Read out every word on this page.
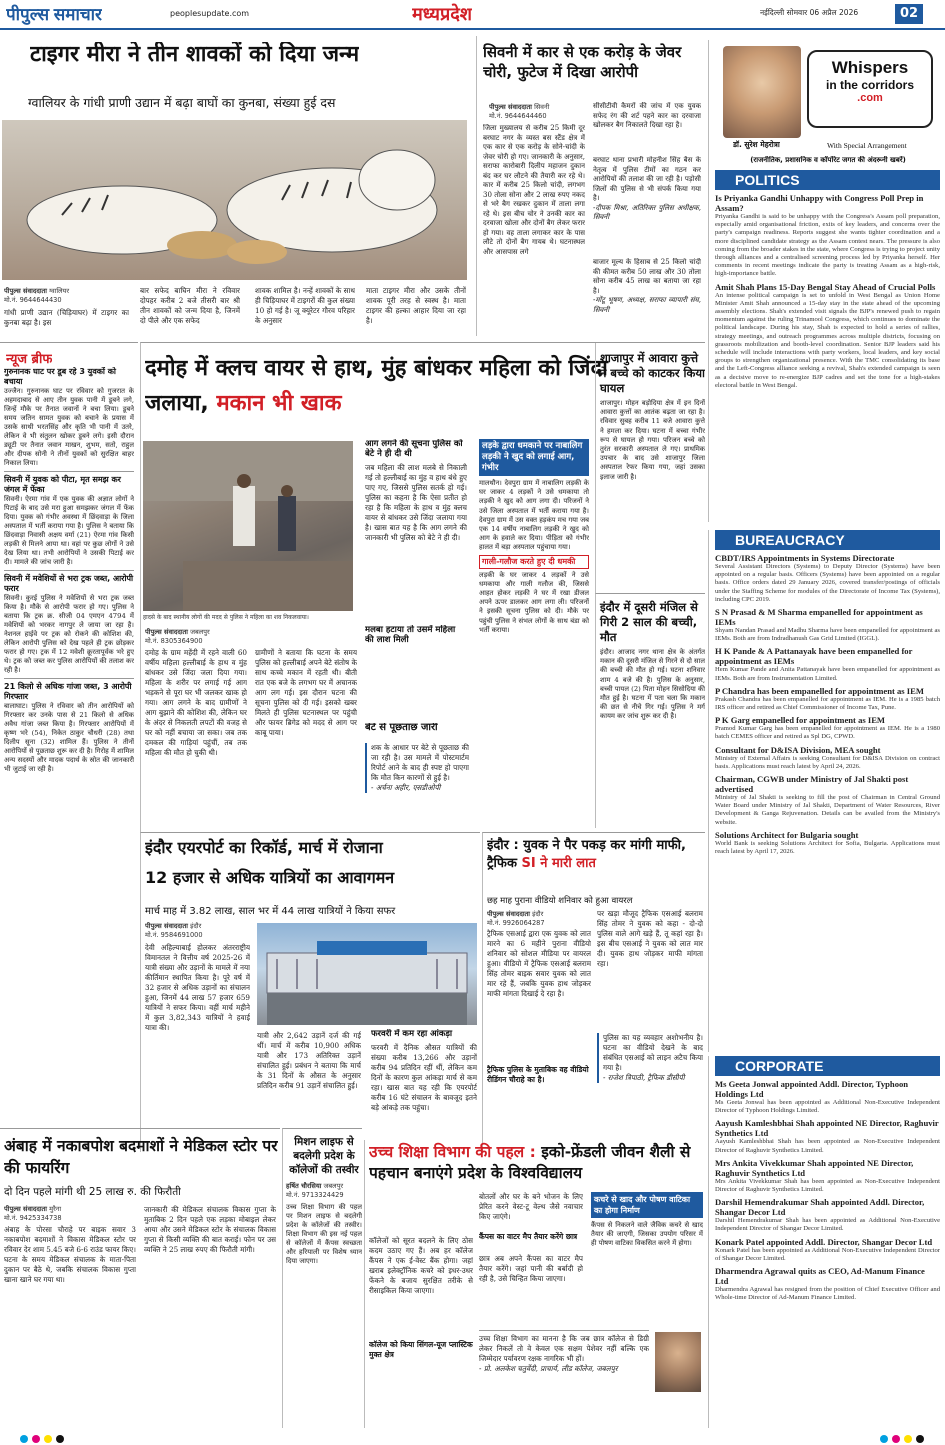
पीपुल्स समाचार	peoplesupdate.com	मध्यप्रदेश	नईदिल्ली सोमवार 06 अप्रैल 2026	02
टाइगर मीरा ने तीन शावकों को दिया जन्म
ग्वालियर के गांधी प्राणी उद्यान में बढ़ा बाघों का कुनबा, संख्या हुई दस
पीपुल्स संवाददाता ग्वालियर
मो.नं. 9644644430
गांधी प्राणी उद्यान (चिड़ियाघर) में टाइगर का कुनबा बढ़ा है। इस
बार सफेद बाघिन मीरा ने रविवार दोपहर करीब 2 बजे तीसरी बार श्री तीन शावकों को जन्म दिया है, जिनमें दो पीले और एक सफेद
शावक शामिल है। नन्हें शावकों के साथ ही चिड़ियाघर में टाइगरों की कुल संख्या 10 हो गई है। जू क्यूरेटर गौरव परिहार के अनुसार
माता टाइगर मीरा और उसके तीनों शावक पूरी तरह से स्वस्थ है। माता टाइगर की हल्का आहार दिया जा रहा है।
सिवनी में कार से एक करोड़ के जेवर चोरी, फुटेज में दिखा आरोपी
पीपुल्स संवाददाता सिवनी
मो.नं. 9644644460
जिला मुख्यालय से करीब 25 किमी दूर बरघाट नगर के व्यस्त बस स्टैंड क्षेत्र में एक कार से एक करोड़ के सोने-चांदी के जेवर चोरी हो गए। जानकारी के अनुसार, सराफा कारोबारी दिलीप महाजन दुकान बंद कर घर लौटने की तैयारी कर रहे थे। कार में करीब 25 किलो चांदी, लगभग 30 तोला सोना और 2 लाख रुपए नकद से भरे बैग रखकर दुकान में ताला लगा रहे थे। इस बीच चोर ने उनकी कार का दरवाजा खोला और दोनों बैग लेकर फरार हो गया। वह ताला लगाकर कार के पास लौटे तो दोनों बैग गायब थे। घटनास्थल और आसपास लगे
सीसीटीवी कैमरों की जांच में एक युवक सफेद रंग की शर्ट पहने कार का दरवाजा खोलकर बैग निकालते दिखा रहा है।
बरघाट थाना प्रभारी मोहनीश सिंह बैस के नेतृत्व में पुलिस टीमों का गठन कर आरोपियों की तलाश की जा रही है। पड़ोसी जिलों की पुलिस से भी संपर्क किया गया है।
-दीपक मिश्रा, अतिरिक्त पुलिस अधीक्षक, सिवनी
बाजार मूल्य के हिसाब से 25 किलो चांदी की कीमत करीब 50 लाख और 30 तोला सोना करीब 45 लाख का बताया जा रहा है।
-मोंटू भूषण, अध्यक्ष, सराफा व्यापारी संघ, सिवनी
Whispers
in the corridors
.com
डॉ. सुरेश मेहरोत्रा	With Special Arrangement
(राजनीतिक, प्रशासनिक व कॉर्पोरेट जगत की अंदरूनी खबरें)
POLITICS
Is Priyanka Gandhi Unhappy with Congress Poll Prep in Assam?
Priyanka Gandhi is said to be unhappy with the Congress's Assam poll preparation, especially amid organisational friction, exits of key leaders, and concerns over the party's campaign readiness. Reports suggest she wants tighter coordination and a more disciplined candidate strategy as the Assam contest nears. The pressure is also coming from the broader stakes in the state, where Congress is trying to project unity through alliances and a centralised screening process led by Priyanka herself. Her comments in recent meetings indicate the party is treating Assam as a high-risk, high-importance battle.
Amit Shah Plans 15-Day Bengal Stay Ahead of Crucial Polls
An intense political campaign is set to unfold in West Bengal as Union Home Minister Amit Shah announced a 15-day stay in the state ahead of the upcoming assembly elections. Shah's extended visit signals the BJP's renewed push to regain momentum against the ruling Trinamool Congress, which continues to dominate the political landscape. During his stay, Shah is expected to hold a series of rallies, strategy meetings, and outreach programmes across multiple districts, focusing on grassroots mobilization and booth-level coordination. Senior BJP leaders said his schedule will include interactions with party workers, local leaders, and key social groups to strengthen organizational presence. With the TMC consolidating its base and the Left-Congress alliance seeking a revival, Shah's extended campaign is seen as a decisive move to re-energize BJP cadres and set the tone for a high-stakes electoral battle in West Bengal.
BUREAUCRACY
CBDT/IRS Appointments in Systems Directorate
Several Assistant Directors (Systems) to Deputy Director (Systems) have been appointed on a regular basis. Officers (Systems) have been appointed on a regular basis. Office orders dated 29 January 2026, covered transfer/postings of officials under the Staffing Scheme for modules of the Directorate of Income Tax (Systems), including CPC 2019.
S N Prasad & M Sharma empanelled for appointment as IEMs
Shyam Nandan Prasad and Madhu Sharma have been empanelled for appointment as IEMs. Both are from Indradhanush Gas Grid Limited (IGGL).
H K Pande & A Pattanayak have been empanelled for appointment as IEMs
Hem Kumar Pande and Anita Pattanayak have been empanelled for appointment as IEMs. Both are from Instrumentation Limited.
P Chandra has been empanelled for appointment as IEM
Prakash Chandra has been empanelled for appointment as IEM. He is a 1985 batch IRS officer and retired as Chief Commissioner of Income Tax, Pune.
P K Garg empanelled for appointment as IEM
Pramod Kumar Garg has been empanelled for appointment as IEM. He is a 1980 batch CEMES officer and retired as Spl DG, CPWD.
Consultant for D&ISA Division, MEA sought
Ministry of External Affairs is seeking Consultant for D&ISA Division on contract basis. Applications must reach latest by April 24, 2026.
Chairman, CGWB under Ministry of Jal Shakti post advertised
Ministry of Jal Shakti is seeking to fill the post of Chairman in Central Ground Water Board under Ministry of Jal Shakti, Department of Water Resources, River Development & Ganga Rejuvenation. Details can be availed from the Ministry's website.
Solutions Architect for Bulgaria sought
World Bank is seeking Solutions Architect for Sofia, Bulgaria. Applications must reach latest by April 17, 2026.
CORPORATE
Ms Geeta Jonwal appointed Addl. Director, Typhoon Holdings Ltd
Ms Geeta Jonwal has been appointed as Additional Non-Executive Independent Director of Typhoon Holdings Limited.
Aayush Kamleshbhai Shah appointed NE Director, Raghuvir Synthetics Ltd
Aayush Kamleshbhai Shah has been appointed as Non-Executive Independent Director of Raghuvir Synthetics Limited.
Mrs Ankita Vivekkumar Shah appointed NE Director, Raghuvir Synthetics Ltd
Mrs Ankita Vivekkumar Shah has been appointed as Non-Executive Independent Director of Raghuvir Synthetics Limited.
Darshil Hemendrakumar Shah appointed Addl. Director, Shangar Decor Ltd
Darshil Hemendrakumar Shah has been appointed as Additional Non-Executive Independent Director of Shangar Decor Limited.
Konark Patel appointed Addl. Director, Shangar Decor Ltd
Konark Patel has been appointed as Additional Non-Executive Independent Director of Shangar Decor Limited.
Dharmendra Agrawal quits as CEO, Ad-Manum Finance Ltd
Dharmendra Agrawal has resigned from the position of Chief Executive Officer and Whole-time Director of Ad-Manum Finance Limited.
न्यूज ब्रीफ
गुरुनानक घाट पर डूब रहे 3 युवकों को बचाया
उज्जैन। गुरुनानक घाट पर रविवार को गुजरात के अहमदाबाद से आए तीन युवक पानी में डूबने लगे, जिन्हें मौके पर तैनात जवानों ने बचा लिया। डूबने समय जतिन सामत युवक को बचाने के प्रयास में उसके साथी भरतसिंह और कृति भी पानी में उतरे, लेकिन वे भी संतुलन खोकर डूबने लगे। इसी दौरान ड्यूटी पर तैनात जवान माखन, शुभम, सतो, राहुल और दीपक सोनी ने तीनों युवकों को सुरक्षित बाहर निकाल लिया।
सिवनी में युवक को पीटा, मृत समझ कर जंगल में फेंका
सिवनी। ऐरमा गांव में एक युवक की अज्ञात लोगों ने पिटाई के बाद उसे मरा हुआ समझकर जंगल में फेंक दिया। युवक को गंभीर अवस्था में छिंदवाड़ा के जिला अस्पताल में भर्ती कराया गया है। पुलिस ने बताया कि छिंदवाड़ा निवासी अक्षय वर्मा (21) ऐरमा गांव किसी लड़की से मिलने आया था। वहां पर कुछ लोगों ने उसे देख लिया था। तभी आरोपियों ने उसकी पिटाई कर दी। मामले की जांच जारी है।
सिवनी में मवेशियों से भरा ट्रक जब्त, आरोपी फरार
सिवनी। कुरई पुलिस ने मवेशियों से भरा ट्रक जब्त किया है। मौके से आरोपी फरार हो गए। पुलिस ने बताया कि ट्रक क्र. सीजी 04 एमएन 4794 में मवेशियों को भरकर नागपुर ले जाया जा रहा है। नेशनल हाईवे पर ट्रक को रोकने की कोशिश की, लेकिन आरोपी पुलिस को देख पहले ही ट्रक छोड़कर फरार हो गए। ट्रक में 12 मवेशी क्रूरतापूर्वक भरे हुए थे। ट्रक को जब्त कर पुलिस आरोपियों की तलाश कर रही है।
21 किलो से अधिक गांजा जब्त, 3 आरोपी गिरफ्तार
बालाघाट। पुलिस ने रविवार को तीन आरोपियों को गिरफ्तार कर उनके पास से 21 किलो से अधिक अवैध गांजा जब्त किया है। गिरफ्तार आरोपियों में कृष्ण भरे (54), निकेत ठाकुर चौधरी (28) तथा दिलीप सूना (32) शामिल हैं। पुलिस ने तीनों आरोपियों से पूछताछ शुरू कर दी है। गिरोह में शामिल अन्य सदस्यों और मादक पदार्थ के स्रोत की जानकारी भी जुटाई जा रही है।
दमोह में क्लच वायर से हाथ, मुंह बांधकर महिला को जिंदा जलाया, मकान भी खाक
हादसे के बाद स्थानीय लोगों की मदद से पुलिस ने महिला का शव निकलवाया।
पीपुल्स संवाददाता जबलपुर
मो.नं. 8305364900
दमोह के ग्राम महेंदी में रहने वाली 60 वर्षीय महिला हल्लीबाई के हाथ व मुंह बांधकर उसे जिंदा जला दिया गया। महिला के शरीर पर लगाई गई आग भड़कने से पूरा घर भी जलकर खाक हो गया। आग लगने के बाद ग्रामीणों ने आग बुझाने की कोशिश की, लेकिन घर के अंदर से निकलती लपटों की वजह से घर को नहीं बचाया जा सका। जब तक दमकल की गाड़ियां पहुंचीं, तब तक महिला की मौत हो चुकी थी।
आग लगने की सूचना पुलिस को बेटे ने ही दी थी
जब महिला की लाश मलबे से निकाली गई तो हल्लीबाई का मुंह व हाथ बंधे हुए पाए गए, जिससे पुलिस सतर्क हो गई। पुलिस का कहना है कि ऐसा प्रतीत हो रहा है कि महिला के हाथ व मुंह क्लच वायर से बांधकर उसे जिंदा जलाया गया है। खास बात यह है कि आग लगने की जानकारी भी पुलिस को बेटे ने ही दी।
मलबा हटाया तो उसमें महिला की लाश मिली
ग्रामीणों ने बताया कि घटना के समय पुलिस को हल्लीबाई अपने बेटे संतोष के साथ कच्चे मकान में रहती थी। बीती रात एक बजे के लगभग घर में अचानक आग लग गई। इस दौरान घटना की सूचना पुलिस को दी गई। इसको खबर मिलते ही पुलिस घटनास्थल पर पहुंची और फायर ब्रिगेड को मदद से आग पर काबू पाया।	बेटे से पूछताछ जारी
शक के आधार पर बेटे से पूछताछ की जा रही है। उस मामले में पोस्टमार्टम रिपोर्ट आने के बाद ही स्पष्ट हो पाएगा कि मौत किन कारणों से हुई है।
- अर्चना अहीर, एसडीओपी
लड़के द्वारा धमकाने पर नाबालिग लड़की ने खुद को लगाई आग, गंभीर
मालथौन। देवपुरा ग्राम में नाबालिग लड़की के घर जाकर 4 लड़कों ने उसे धमकाया तो लड़की ने खुद को आग लगा दी। परिजनों ने उसे जिला अस्पताल में भर्ती कराया गया है। देवपुरा ग्राम में उस वक्त हड़कंप मच गया जब एक 14 वर्षीय नाबालिग लड़की ने खुद को आग के हवाले कर दिया। पीड़िता को गंभीर हालत में बड़ा अस्पताल पहुंचाया गया।
गाली-गलौज करते हुए दी धमकी
लड़की के घर जाकर 4 लड़कों ने उसे धमकाया और गाली गलौज की, जिससे आहत होकर लड़की ने घर में रखा डीजल अपने ऊपर डालकर आग लगा ली। परिजनों ने इसकी सूचना पुलिस को दी। मौके पर पहुंची पुलिस ने संभल लोगों के साथ बंडा को भर्ती कराया।
शाजापुर में आवारा कुत्ते ने बच्चे को काटकर किया घायल
शाजापुर। मोहन बड़ोदिया क्षेत्र में इन दिनों आवारा कुत्तों का आतंक बढ़ता जा रहा है। रविवार सुबह करीब 11 बजे आवारा कुत्ते ने हमला कर दिया। घटना में बच्चा गंभीर रूप से घायल हो गया। परिजन बच्चे को तुरंत सरकारी अस्पताल ले गए। प्राथमिक उपचार के बाद उसे शाजापुर जिला अस्पताल रेफर किया गया, जहां उसका इलाज जारी है।
इंदौर में दूसरी मंजिल से गिरी 2 साल की बच्ची, मौत
इंदौर। आजाद नगर थाना क्षेत्र के अंतर्गत मकान की दूसरी मंजिल से गिरने से दो साल की बच्ची की मौत हो गई। घटना शनिवार शाम 4 बजे की है। पुलिस के अनुसार, बच्ची पायल (2) पिता मोहन सिसोदिया की मौत हुई है। घटना में पता चला कि मकान की छत से नीचे गिर गई। पुलिस ने मर्ग कायम कर जांच शुरू कर दी है।
इंदौर एयरपोर्ट का रिकॉर्ड, मार्च में रोजाना
12 हजार से अधिक यात्रियों का आवागमन
मार्च माह में 3.82 लाख, साल भर में 44 लाख यात्रियों ने किया सफर
पीपुल्स संवाददाता इंदौर
मो.नं. 9584691000
देवी अहिल्याबाई होलकर अंतरराष्ट्रीय विमानतल ने वित्तीय वर्ष 2025-26 में यात्री संख्या और उड़ानों के मामले में नया कीर्तिमान स्थापित किया है। पूरे वर्ष में 32 हजार से अधिक उड़ानों का संचालन हुआ, जिनमें 44 लाख 57 हजार 659 यात्रियों ने सफर किया। वहीं मार्च महीने में कुल 3,82,343 यात्रियों ने हवाई यात्रा की।
यात्री और 2,642 उड़ानें दर्ज की गई थीं। मार्च में करीब 10,900 अधिक यात्री और 173 अतिरिक्त उड़ानें संचालित हुई। प्रबंधन ने बताया कि मार्च के 31 दिनों के औसत के अनुसार प्रतिदिन करीब 91 उड़ानें संचालित हुई।
फरवरी में कम रहा आंकड़ा
फरवरी में दैनिक औसत यात्रियों की संख्या करीब 13,266 और उड़ानों करीब 94 प्रतिदिन रहीं थीं, लेकिन कम दिनों के कारण कुल आंकड़ा मार्च से कम रहा। खास बात यह रही कि एयरपोर्ट करीब 16 घंटे संचालन के बावजूद इतने बड़े आंकड़े तक पहुंचा।
इंदौर : युवक ने पैर पकड़ कर मांगी माफी, ट्रैफिक SI ने मारी लात
छह माह पुराना वीडियो शनिवार को हुआ वायरल
पीपुल्स संवाददाता इंदौर
मो.नं. 9926064287
ट्रैफिक एसआई द्वारा एक युवक को लात मारने का 6 महीने पुराना वीडियो शनिवार को सोशल मीडिया पर वायरल हुआ। वीडियो में ट्रैफिक एसआई बलराम सिंह तोमर बाइक सवार युवक को लात मार रहे हैं, जबकि युवक हाथ जोड़कर माफी मांगता दिखाई दे रहा है।
ट्रैफिक पुलिस के मुताबिक वह वीडियो रीडिंगन चौराहे का है।
पर खड़ा मौजूद ट्रैफिक एसआई बलराम सिंह तोमर ने युवक को कहा - दो-दो पुलिस वाले आगे खड़े हैं, तू कहां रहा है। इस बीच एसआई ने युवक को लात मार दी। युवक हाथ जोड़कर माफी मांगता रहा।
पुलिस का यह व्यवहार अशोभनीय है। घटना का वीडियो देखने के बाद संबंधित एसआई को लाइन अटैच किया गया है।
- राजेश त्रिपाठी, ट्रैफिक डीसीपी
अंबाह में नकाबपोश बदमाशों ने मेडिकल स्टोर पर की फायरिंग
दो दिन पहले मांगी थी 25 लाख रु. की फिरौती
पीपुल्स संवाददाता मुरैना
मो.नं. 9425334738
अंबाह के पोरसा चौराहे पर बाइक सवार 3 नकाबपोश बदमाशों ने विकास मेडिकल स्टोर पर रविवार देर शाम 5.45 बजे 6-6 राउंड फायर किए। घटना के समय मेडिकल संचालक के माता-पिता दुकान पर बैठे थे, जबकि संचालक विकास गुप्ता खाना खाने घर गया था।
जानकारी की मेडिकल संचालक विकास गुप्ता के मुताबिक 2 दिन पहले एक लड़का मोबाइल लेकर आया और उसने मेडिकल स्टोर के संचालक विकास गुप्ता से किसी व्यक्ति की बात कराई। फोन पर उस व्यक्ति ने 25 लाख रुपए की फिरौती मांगी।
मिशन लाइफ से बदलेगी प्रदेश के कॉलेजों की तस्वीर
हर्षित चौरसिया जबलपुर
मो.नं. 9713324429
उच्च शिक्षा विभाग की पहल पर मिशन लाइफ से बदलेगी प्रदेश के कॉलेजों की तस्वीर। शिक्षा विभाग की इस नई पहल से कॉलेजों में कैंपस स्वच्छता और हरियाली पर विशेष ध्यान दिया जाएगा।
उच्च शिक्षा विभाग की पहल : इको-फ्रेंडली जीवन शैली से पहचान बनाएंगे प्रदेश के विश्वविद्यालय
कॉलेजों को सूरत बदलने के लिए ठोस कदम उठाए गए हैं। अब हर कॉलेज कैंपस ने एक ई-वेस्ट बैंक होगा। जहां खराब इलेक्ट्रॉनिक कचरे को इधर-उधर फेंकने के बजाय सुरक्षित तरीके से रीसाइकिल किया जाएगा।
कॉलेज को किया सिंगल-यूज प्लास्टिक मुक्त क्षेत्र
बोतलों और घर के बने भोजन के लिए प्रेरित करने वेस्ट-टू वेल्थ जैसे नवाचार किए जाएंगे।
कैंपस का वाटर मैप तैयार करेंगे छात्र
छात्र अब अपने कैंपस का वाटर मैप तैयार करेंगे। जहां पानी की बर्बादी हो रही है, उसे चिन्हित किया जाएगा।
कचरे से खाद और पोषण वाटिका का होगा निर्माण
कैंपस से निकलने वाले जैविक कचरे से खाद तैयार की जाएगी, जिसका उपयोग परिसर में ही पोषण वाटिका विकसित करने में होगा।
उच्च शिक्षा विभाग का मानना है कि जब छात्र कॉलेज से डिग्री लेकर निकलें तो वे केवल एक सक्षम पेशेवर नहीं बल्कि एक जिम्मेदार पर्यावरण रक्षक नागरिक भी हों।
- प्रो. अलकेश चतुर्वेदी, प्राचार्य, लीड कॉलेज, जबलपुर
